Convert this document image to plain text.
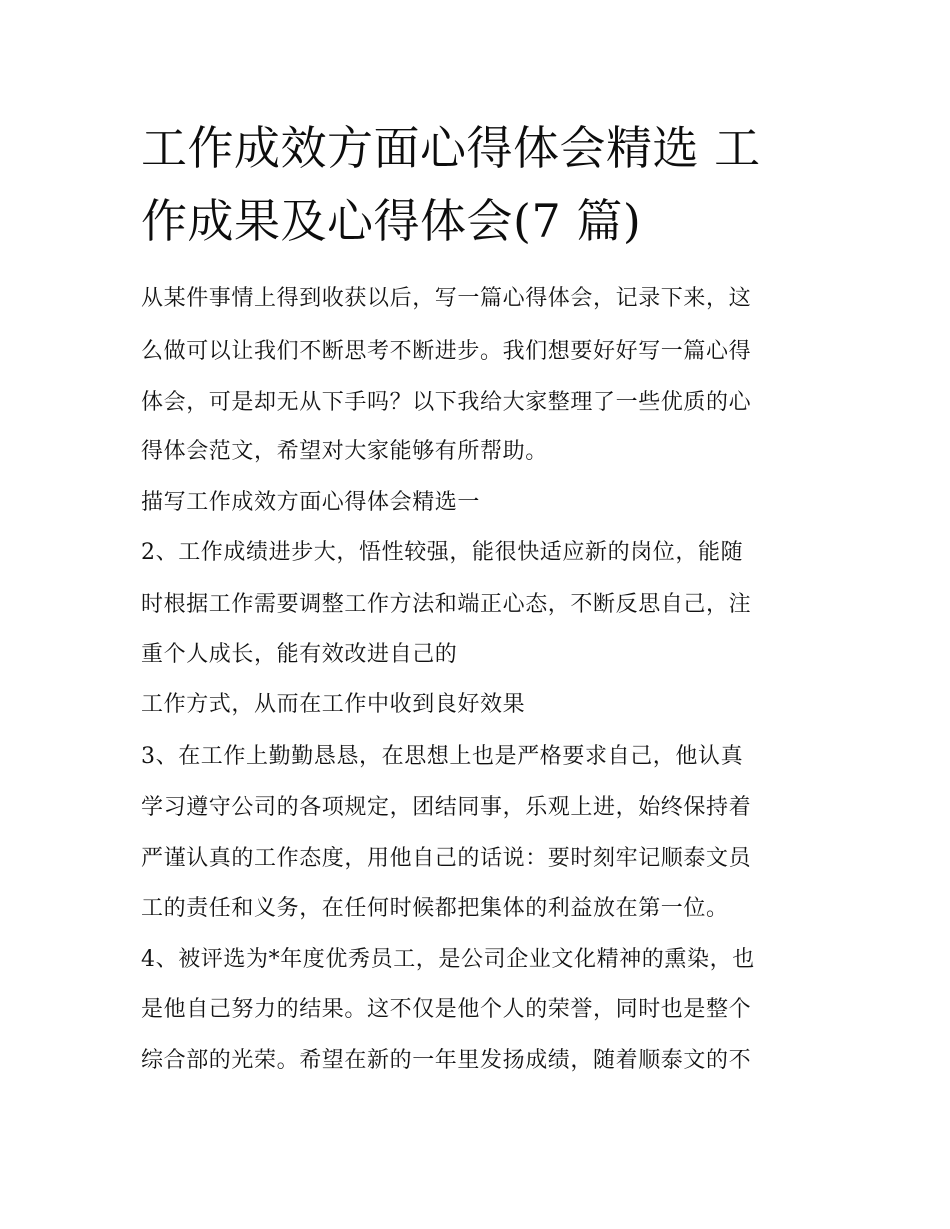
工作成效方面心得体会精选 工
作成果及心得体会(7 篇)

从某件事情上得到收获以后，写一篇心得体会，记录下来，这

么做可以让我们不断思考不断进步。我们想要好好写一篇心得

体会，可是却无从下手吗？以下我给大家整理了一些优质的心

得体会范文，希望对大家能够有所帮助。

描写工作成效方面心得体会精选一

2、工作成绩进步大，悟性较强，能很快适应新的岗位，能随

时根据工作需要调整工作方法和端正心态，不断反思自己，注

重个人成长，能有效改进自己的

工作方式，从而在工作中收到良好效果

3、在工作上勤勤恳恳，在思想上也是严格要求自己，他认真

学习遵守公司的各项规定，团结同事，乐观上进，始终保持着

严谨认真的工作态度，用他自己的话说：要时刻牢记顺泰文员

工的责任和义务，在任何时候都把集体的利益放在第一位。

4、被评选为*年度优秀员工，是公司企业文化精神的熏染，也

是他自己努力的结果。这不仅是他个人的荣誉，同时也是整个

综合部的光荣。希望在新的一年里发扬成绩，随着顺泰文的不
